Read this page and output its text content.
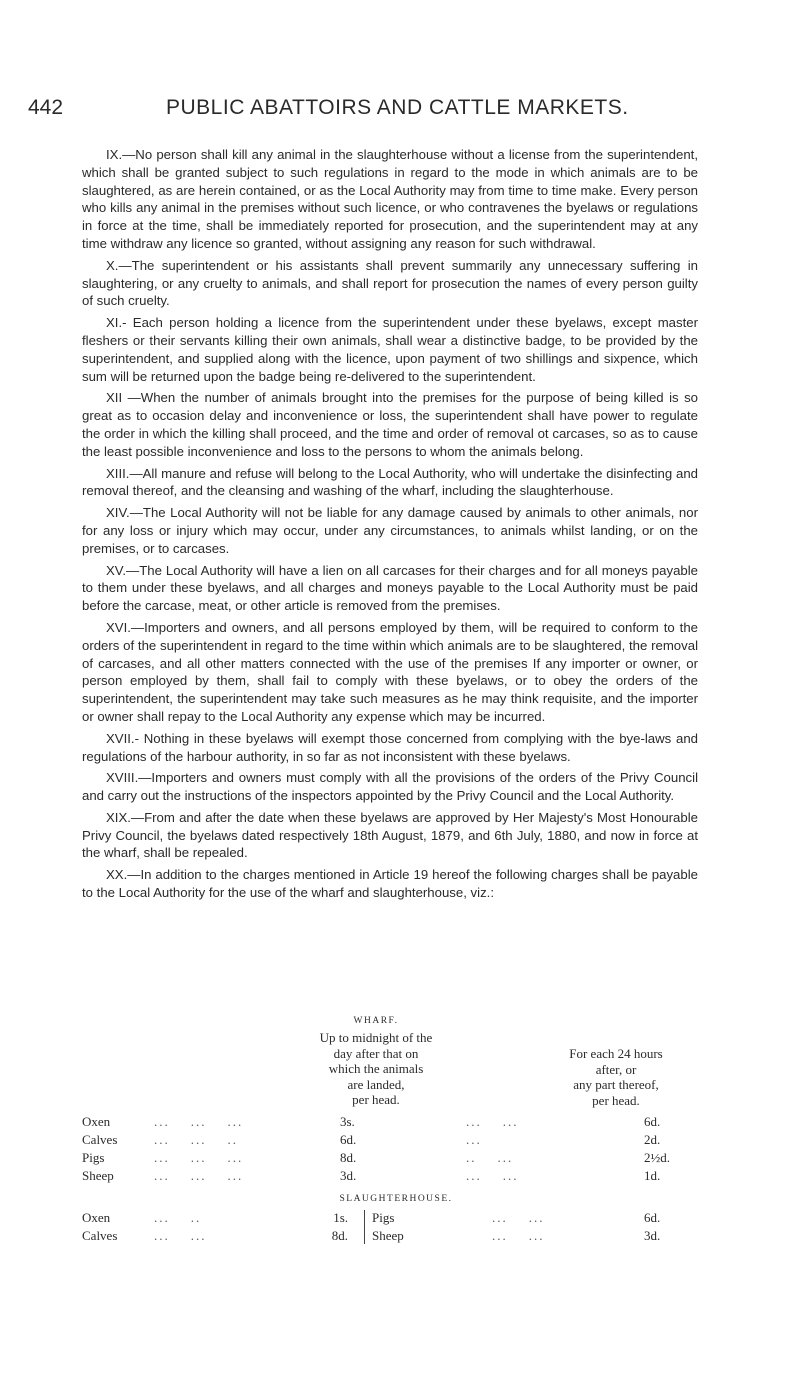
442	PUBLIC ABATTOIRS AND CATTLE MARKETS.

IX.—No person shall kill any animal in the slaughterhouse without a license from the superintendent, which shall be granted subject to such regulations in regard to the mode in which animals are to be slaughtered, as are herein contained, or as the Local Authority may from time to time make. Every person who kills any animal in the premises without such licence, or who contravenes the byelaws or regulations in force at the time, shall be immediately reported for prosecution, and the superintendent may at any time withdraw any licence so granted, without assigning any reason for such withdrawal.

X.—The superintendent or his assistants shall prevent summarily any unnecessary suffering in slaughtering, or any cruelty to animals, and shall report for prosecution the names of every person guilty of such cruelty.

XI.- Each person holding a licence from the superintendent under these byelaws, except master fleshers or their servants killing their own animals, shall wear a distinctive badge, to be provided by the superintendent, and supplied along with the licence, upon payment of two shillings and sixpence, which sum will be returned upon the badge being re-delivered to the superintendent.

XII —When the number of animals brought into the premises for the purpose of being killed is so great as to occasion delay and inconvenience or loss, the superintendent shall have power to regulate the order in which the killing shall proceed, and the time and order of removal ot carcases, so as to cause the least possible inconvenience and loss to the persons to whom the animals belong.

XIII.—All manure and refuse will belong to the Local Authority, who will undertake the disinfecting and removal thereof, and the cleansing and washing of the wharf, including the slaughterhouse.

XIV.—The Local Authority will not be liable for any damage caused by animals to other animals, nor for any loss or injury which may occur, under any circumstances, to animals whilst landing, or on the premises, or to carcases.

XV.—The Local Authority will have a lien on all carcases for their charges and for all moneys payable to them under these byelaws, and all charges and moneys payable to the Local Authority must be paid before the carcase, meat, or other article is removed from the premises.

XVI.—Importers and owners, and all persons employed by them, will be required to conform to the orders of the superintendent in regard to the time within which animals are to be slaughtered, the removal of carcases, and all other matters connected with the use of the premises If any importer or owner, or person employed by them, shall fail to comply with these byelaws, or to obey the orders of the superintendent, the superintendent may take such measures as he may think requisite, and the importer or owner shall repay to the Local Authority any expense which may be incurred.

XVII.- Nothing in these byelaws will exempt those concerned from complying with the bye-laws and regulations of the harbour authority, in so far as not inconsistent with these byelaws.

XVIII.—Importers and owners must comply with all the provisions of the orders of the Privy Council and carry out the instructions of the inspectors appointed by the Privy Council and the Local Authority.

XIX.—From and after the date when these byelaws are approved by Her Majesty's Most Honourable Privy Council, the byelaws dated respectively 18th August, 1879, and 6th July, 1880, and now in force at the wharf, shall be repealed.

XX.—In addition to the charges mentioned in Article 19 hereof the following charges shall be payable to the Local Authority for the use of the wharf and slaughterhouse, viz.:

WHARF.
Up to midnight of the
day after that on
which the animals
are landed,
per head.
For each 24 hours
after, or
any part thereof,
per head.
Oxen	...    ...    ...	3s.	...    ...	6d.
Calves	...    ...    ..	6d.	...	2d.
Pigs	...    ...    ...	8d.	..    ...	2½d.
Sheep	...    ...    ...	3d.	...    ...	1d.
SLAUGHTERHOUSE.
Oxen	...    ..	1s. Pigs	...    ...	6d.
Calves	...    ...	8d. Sheep	...    ...	3d.
